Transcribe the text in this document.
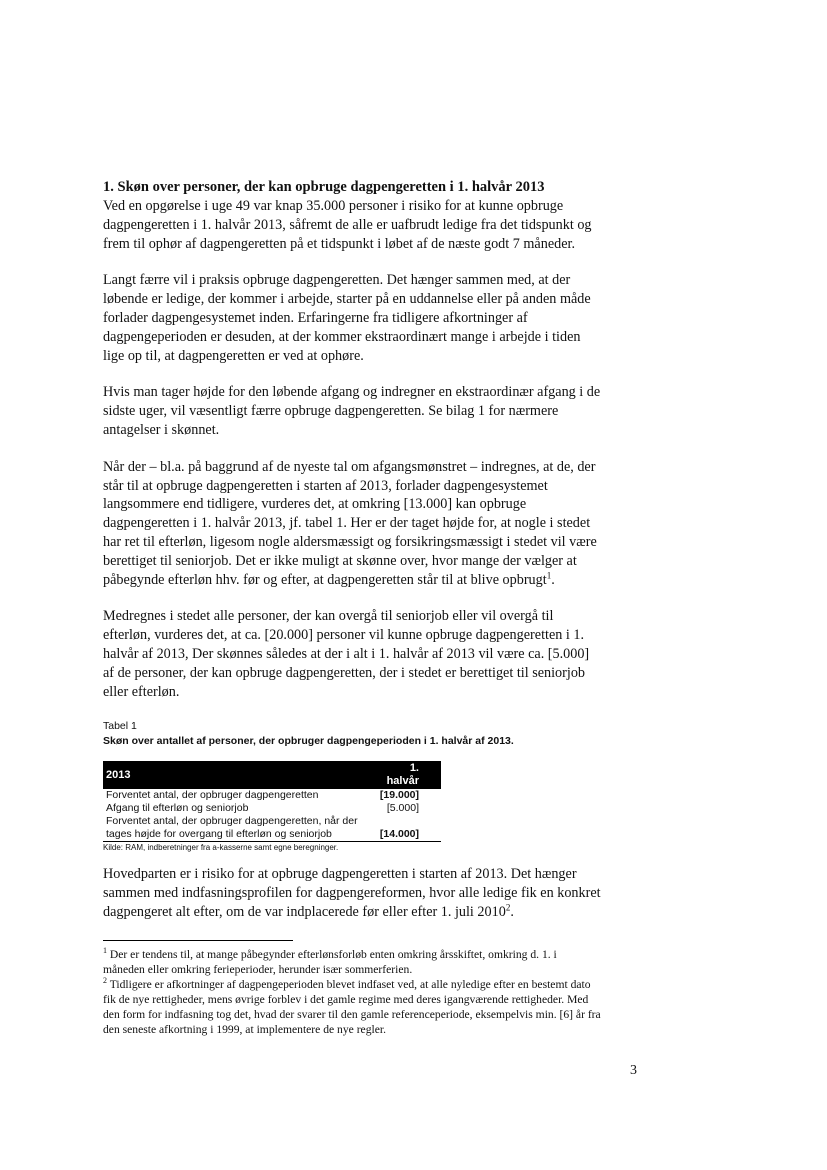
1. Skøn over personer, der kan opbruge dagpengeretten i 1. halvår 2013

Ved en opgørelse i uge 49 var knap 35.000 personer i risiko for at kunne opbruge dagpengeretten i 1. halvår 2013, såfremt de alle er uafbrudt ledige fra det tidspunkt og frem til ophør af dagpengeretten på et tidspunkt i løbet af de næste godt 7 måneder.

Langt færre vil i praksis opbruge dagpengeretten. Det hænger sammen med, at der løbende er ledige, der kommer i arbejde, starter på en uddannelse eller på anden måde forlader dagpengesystemet inden. Erfaringerne fra tidligere afkortninger af dagpengeperioden er desuden, at der kommer ekstraordinært mange i arbejde i tiden lige op til, at dagpengeretten er ved at ophøre.

Hvis man tager højde for den løbende afgang og indregner en ekstraordinær afgang i de sidste uger, vil væsentligt færre opbruge dagpengeretten. Se bilag 1 for nærmere antagelser i skønnet.

Når der – bl.a. på baggrund af de nyeste tal om afgangsmønstret – indregnes, at de, der står til at opbruge dagpengeretten i starten af 2013, forlader dagpengesystemet langsommere end tidligere, vurderes det, at omkring [13.000] kan opbruge dagpengeretten i 1. halvår 2013, jf. tabel 1. Her er der taget højde for, at nogle i stedet har ret til efterløn, ligesom nogle aldersmæssigt og forsikringsmæssigt i stedet vil være berettiget til seniorjob. Det er ikke muligt at skønne over, hvor mange der vælger at påbegynde efterløn hhv. før og efter, at dagpengeretten står til at blive opbrugt$^1$.

Medregnes i stedet alle personer, der kan overgå til seniorjob eller vil overgå til efterløn, vurderes det, at ca. [20.000] personer vil kunne opbruge dagpengeretten i 1. halvår af 2013, Der skønnes således at der i alt i 1. halvår af 2013 vil være ca. [5.000] af de personer, der kan opbruge dagpengeretten, der i stedet er berettiget til seniorjob eller efterløn.

Tabel 1
Skøn over antallet af personer, der opbruger dagpengeperioden i 1. halvår af 2013.
2013	1. halvår
Forventet antal, der opbruger dagpengeretten	[19.000]
Afgang til efterløn og seniorjob	[5.000]
Forventet antal, der opbruger dagpengeretten, når der tages højde for overgang til efterløn og seniorjob	[14.000]
Kilde: RAM, indberetninger fra a-kasserne samt egne beregninger.

Hovedparten er i risiko for at opbruge dagpengeretten i starten af 2013. Det hænger sammen med indfasningsprofilen for dagpengereformen, hvor alle ledige fik en konkret dagpengeret alt efter, om de var indplacerede før eller efter 1. juli 2010$^2$.

$^1$ Der er tendens til, at mange påbegynder efterlønsforløb enten omkring årsskiftet, omkring d. 1. i måneden eller omkring ferieperioder, herunder især sommerferien.

$^2$ Tidligere er afkortninger af dagpengeperioden blevet indfaset ved, at alle nyledige efter en bestemt dato fik de nye rettigheder, mens øvrige forblev i det gamle regime med deres igangværende rettigheder. Med den form for indfasning tog det, hvad der svarer til den gamle referenceperiode, eksempelvis min. [6] år fra den seneste afkortning i 1999, at implementere de nye regler.

3
